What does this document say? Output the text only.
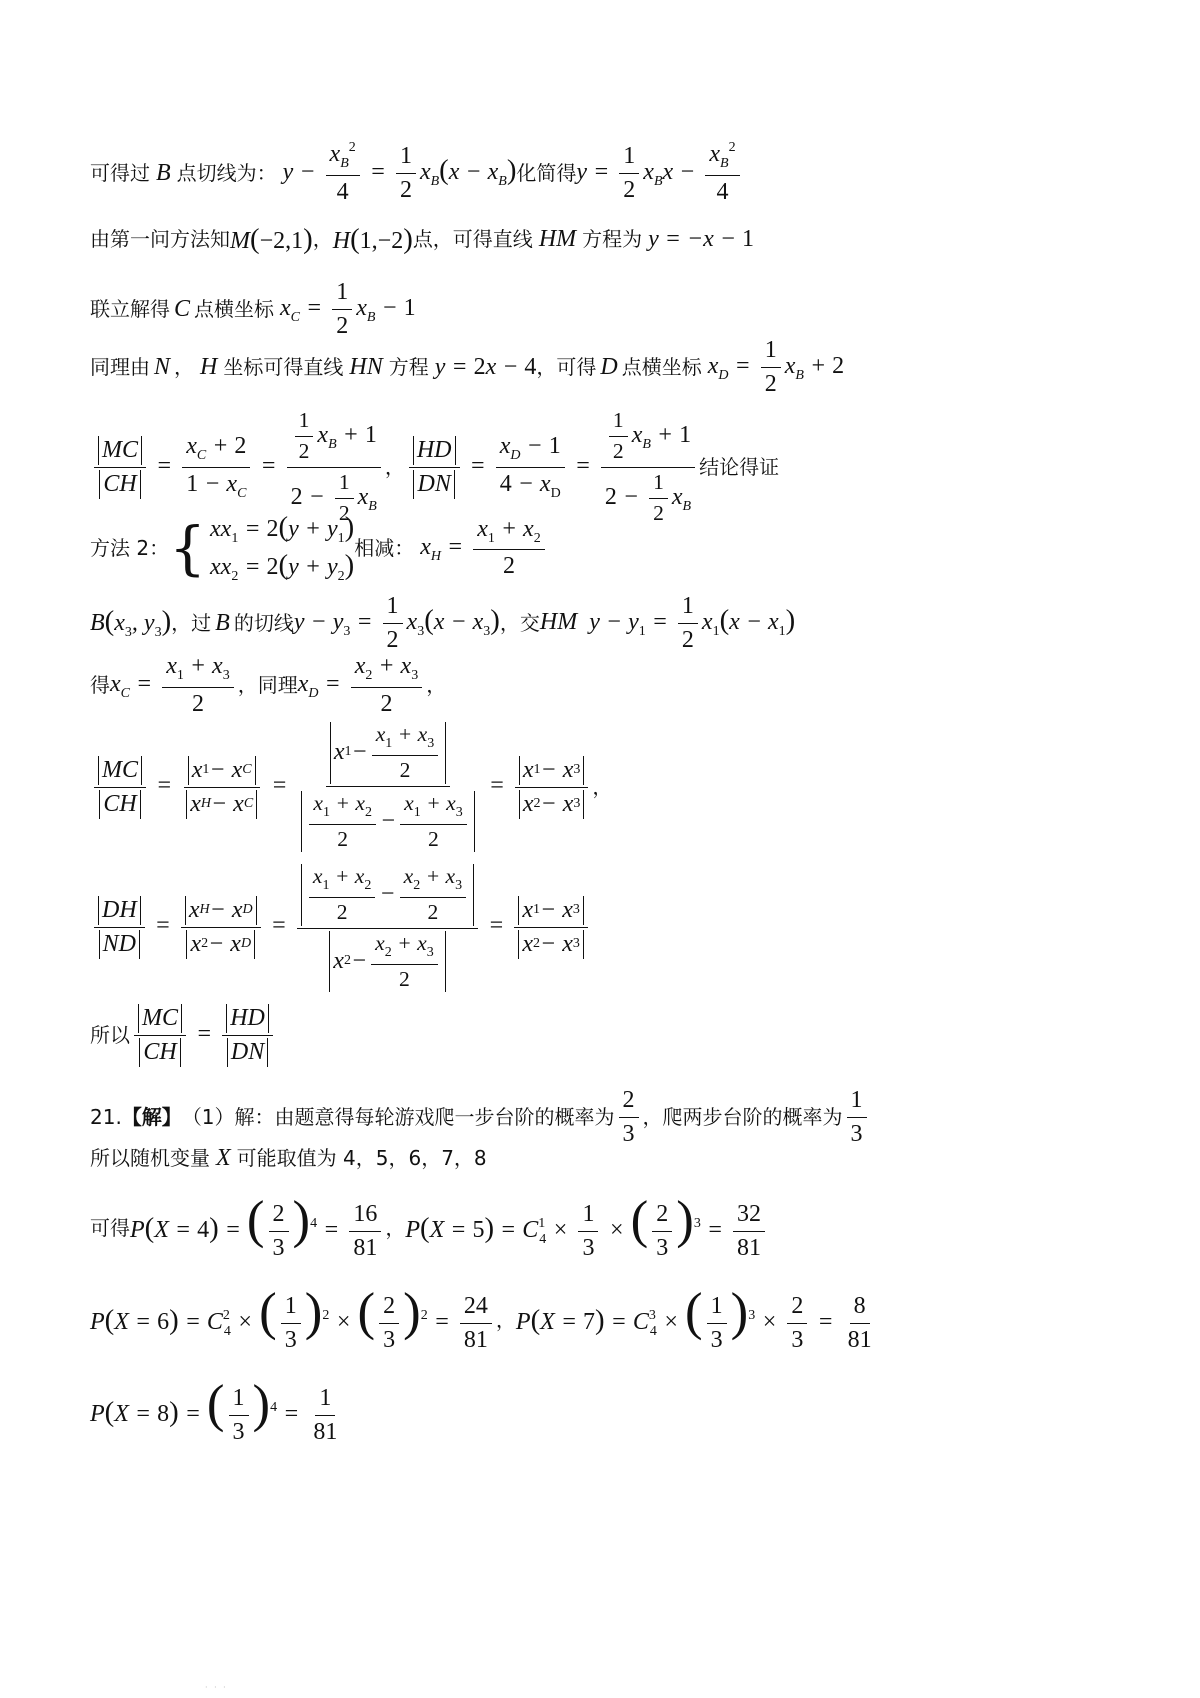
可得过 B 点切线为： $y - \frac{x_B^2}{4} = \frac{1}{2} x_B(x - x_B)$ 化简得 $y = \frac{1}{2} x_Bx - \frac{x_B^2}{4}$
由第一问方法知 M(−2,1) ， H(1,−2) 点，可得直线 HM 方程为 y = −x − 1
联立解得 C 点横坐标 $x_C = \frac{1}{2} x_B - 1$
同理由 N ， H 坐标可得直线 HN 方程 y = 2x − 4 ，可得 D 点横坐标 $x_D = \frac{1}{2} x_B + 2$
$\frac{MC}{CH} = \frac{x_C + 2}{1 - x_C} = \frac{\frac{1}{2} x_B + 1}{2 - \frac{1}{2} x_B}$ ， $\frac{HD}{DN} = \frac{x_D - 1}{4 - x_D} = \frac{\frac{1}{2} x_B + 1}{2 - \frac{1}{2} x_B}$ 结论得证
方法 2： { $xx_1 = 2(y + y_1)$
$xx_2 = 2(y + y_2)$
相减： $x_H = \frac{x_1 + x_2}{2}$
$B(x_3$, $y_3$) ，过 B 的切线 $y - y_3 = \frac{1}{2} x_3(x - x_3)$ ，交 HM  $y - y_1 = \frac{1}{2} x_1(x - x_1)$
得 $x_C = \frac{x_1 + x_3}{2}$ ，同理 $x_D = \frac{x_2 + x_3}{2}$ ，
$\frac{MC}{CH} = \frac{\text{x 1 − x C}}{\text{x H − x C}} = \frac{x 1 - \frac{x_1 + x_3}{2}}{\frac{x_1 + x_2}{2} - \frac{x_1 + x_3}{2}} = \frac{x 1 - x 3}{x 2 - x 3}$ ，
$\frac{DH}{ND} = \frac{\text{x H − x D}}{\text{x 2 − x D}} = \frac{\frac{x_1 + x_2}{2} - \frac{x_2 + x_3}{2}}{x 2 - \frac{x_2 + x_3}{2}} = \frac{x 1 - x 3}{x 2 - x 3}$
所以 $\frac{MC}{CH} = \frac{HD}{DN}$
21. 【解】 （1）解：由题意得每轮游戏爬一步台阶的概率为 $\frac{2}{3}$ ，爬两步台阶的概率为 $\frac{1}{3}$
所以随机变量 X 可能取值为 4，5，6，7，8
可得 P(X = 4) = ( $\frac{2}{3} )^4 = \frac{16}{81}$ ， $P(X = 5) = C^1_4 \times \frac{1}{3}$ × ( $\frac{2}{3} )^3 = \frac{32}{81}$
$P(X = 6) = C^2_4$ × ( $\frac{1}{3} )^2$ × ( $\frac{2}{3} )^2 = \frac{24}{81}$ ， $P(X = 7) = C^3_4$ × ( $\frac{1}{3} )^3 \times \frac{2}{3} = \frac{8}{81}$
P(X = 8) = ( $\frac{1}{3} )^4 = \frac{1}{81}$
· · ·
